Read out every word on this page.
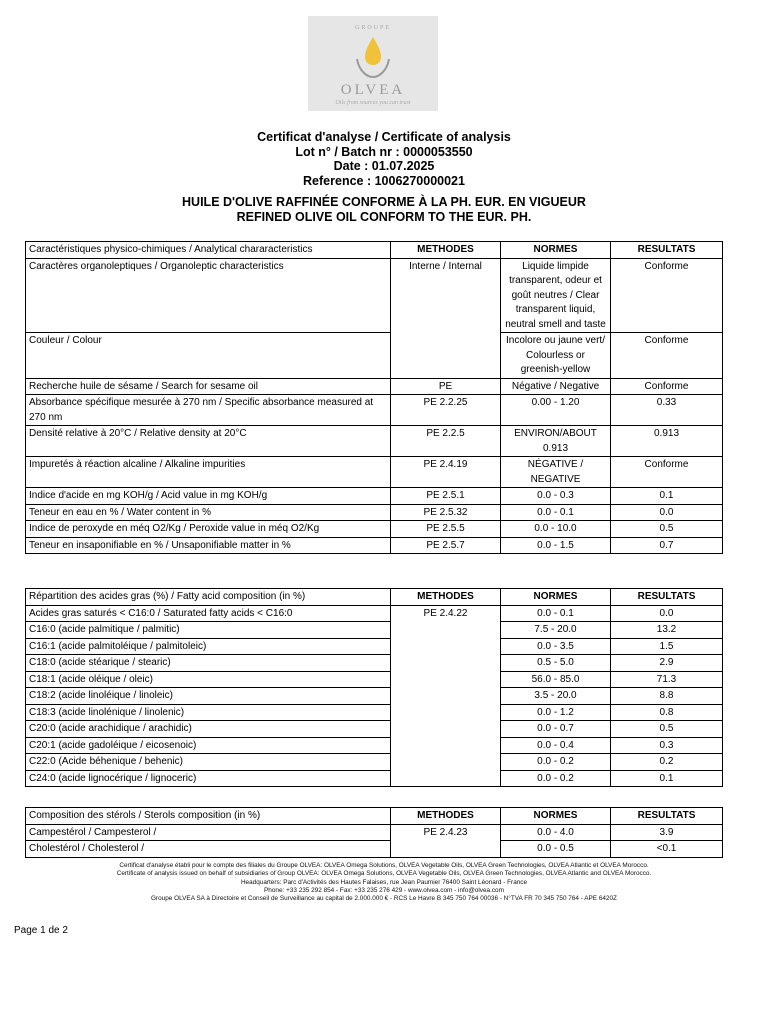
GROUPE
OLVEA
Oils from sources you can trust
Certificat d'analyse / Certificate of analysis
Lot n° / Batch nr : 0000053550
Date : 01.07.2025
Reference : 1006270000021
HUILE D'OLIVE RAFFINÉE CONFORME À LA PH. EUR. EN VIGUEUR
REFINED OLIVE OIL CONFORM TO THE EUR. PH.
Caractéristiques physico-chimiques / Analytical chararacteristics	METHODES	NORMES	RESULTATS
Caractères organoleptiques / Organoleptic characteristics	Interne / Internal	Liquide limpide transparent, odeur et goût neutres / Clear transparent liquid, neutral smell and taste	Conforme
Couleur / Colour		Incolore ou jaune vert/ Colourless or greenish-yellow	Conforme
Recherche huile de sésame / Search for sesame oil	PE	Négative / Negative	Conforme
Absorbance spécifique mesurée à 270 nm / Specific absorbance measured at 270 nm	PE 2.2.25	0.00 - 1.20	0.33
Densité relative à 20°C / Relative density at 20°C	PE 2.2.5	ENVIRON/ABOUT 0.913	0.913
Impuretés à réaction alcaline / Alkaline impurities	PE 2.4.19	NÉGATIVE / NEGATIVE	Conforme
Indice d'acide en mg KOH/g / Acid value in mg KOH/g	PE 2.5.1	0.0 - 0.3	0.1
Teneur en eau en % / Water content in %	PE 2.5.32	0.0 - 0.1	0.0
Indice de peroxyde en méq O2/Kg / Peroxide value in méq O2/Kg	PE 2.5.5	0.0 - 10.0	0.5
Teneur en insaponifiable en % / Unsaponifiable matter in %	PE 2.5.7	0.0 - 1.5	0.7
Répartition des acides gras (%) / Fatty acid composition (in %)	METHODES	NORMES	RESULTATS
Acides gras saturés < C16:0 / Saturated fatty acids < C16:0	PE 2.4.22	0.0 - 0.1	0.0
C16:0 (acide palmitique / palmitic)		7.5 - 20.0	13.2
C16:1 (acide palmitoléique / palmitoleic)		0.0 - 3.5	1.5
C18:0 (acide stéarique / stearic)		0.5 - 5.0	2.9
C18:1 (acide oléique / oleic)		56.0 - 85.0	71.3
C18:2 (acide linoléique / linoleic)		3.5 - 20.0	8.8
C18:3 (acide linolénique / linolenic)		0.0 - 1.2	0.8
C20:0 (acide arachidique / arachidic)		0.0 - 0.7	0.5
C20:1 (acide gadoléique / eicosenoic)		0.0 - 0.4	0.3
C22:0 (Acide béhenique / behenic)		0.0 - 0.2	0.2
C24:0 (acide lignocérique / lignoceric)		0.0 - 0.2	0.1
Composition des stérols / Sterols composition (in %)	METHODES	NORMES	RESULTATS
Campestérol / Campesterol /	PE 2.4.23	0.0 - 4.0	3.9
Cholestérol / Cholesterol /		0.0 - 0.5	<0.1
Certificat d'analyse établi pour le compte des filiales du Groupe OLVEA: OLVEA Omega Solutions, OLVEA Vegetable Oils, OLVEA Green Technologies, OLVEA Atlantic et OLVEA Morocco.
Certificate of analysis issued on behalf of subsidiaries of Group OLVEA: OLVEA Omega Solutions, OLVEA Vegetable Oils, OLVEA Green Technologies, OLVEA Atlantic and OLVEA Morocco.
Headquarters: Parc d'Activités des Hautes Falaises, rue Jean Paumier 76400 Saint Léonard - France
Phone: +33 235 292 854 - Fax: +33 235 276 429 - www.olvea.com - info@olvea.com
Groupe OLVEA SA à Directoire et Conseil de Surveillance au capital de 2.000.000 € - RCS Le Havre B 345 750 764 00036 - N°TVA FR 70 345 750 764 - APE 6420Z
Page 1 de 2
